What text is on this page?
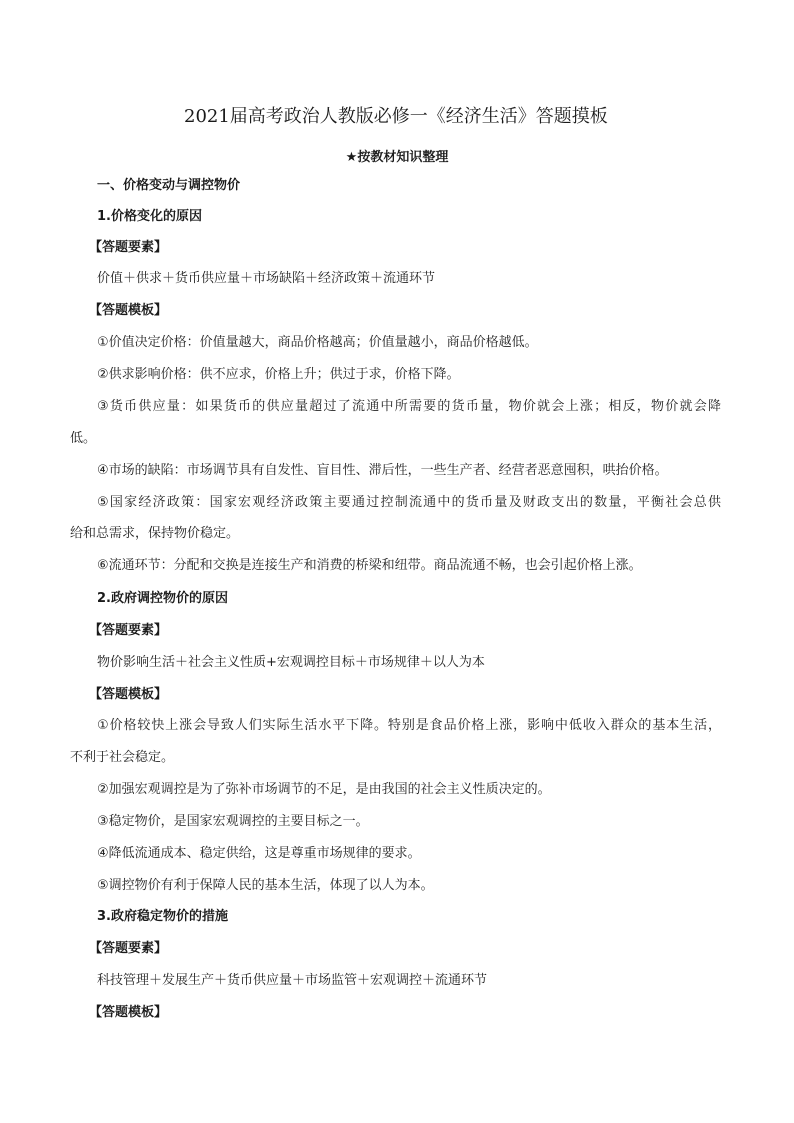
2021届高考政治人教版必修一《经济生活》答题摸板
★按教材知识整理
一、价格变动与调控物价
1.价格变化的原因
【答题要素】
价值＋供求＋货币供应量＋市场缺陷＋经济政策＋流通环节
【答题模板】
①价值决定价格：价值量越大，商品价格越高；价值量越小，商品价格越低。
②供求影响价格：供不应求，价格上升；供过于求，价格下降。
③货币供应量：如果货币的供应量超过了流通中所需要的货币量，物价就会上涨；相反，物价就会降
低。
④市场的缺陷：市场调节具有自发性、盲目性、滞后性，一些生产者、经营者恶意囤积，哄抬价格。
⑤国家经济政策：国家宏观经济政策主要通过控制流通中的货币量及财政支出的数量，平衡社会总供
给和总需求，保持物价稳定。
⑥流通环节：分配和交换是连接生产和消费的桥梁和纽带。商品流通不畅，也会引起价格上涨。
2.政府调控物价的原因
【答题要素】
物价影响生活＋社会主义性质+宏观调控目标＋市场规律＋以人为本
【答题模板】
①价格较快上涨会导致人们实际生活水平下降。特别是食品价格上涨，影响中低收入群众的基本生活，
不利于社会稳定。
②加强宏观调控是为了弥补市场调节的不足，是由我国的社会主义性质决定的。
③稳定物价，是国家宏观调控的主要目标之一。
④降低流通成本、稳定供给，这是尊重市场规律的要求。
⑤调控物价有利于保障人民的基本生活，体现了以人为本。
3.政府稳定物价的措施
【答题要素】
科技管理＋发展生产＋货币供应量＋市场监管＋宏观调控＋流通环节
【答题模板】
